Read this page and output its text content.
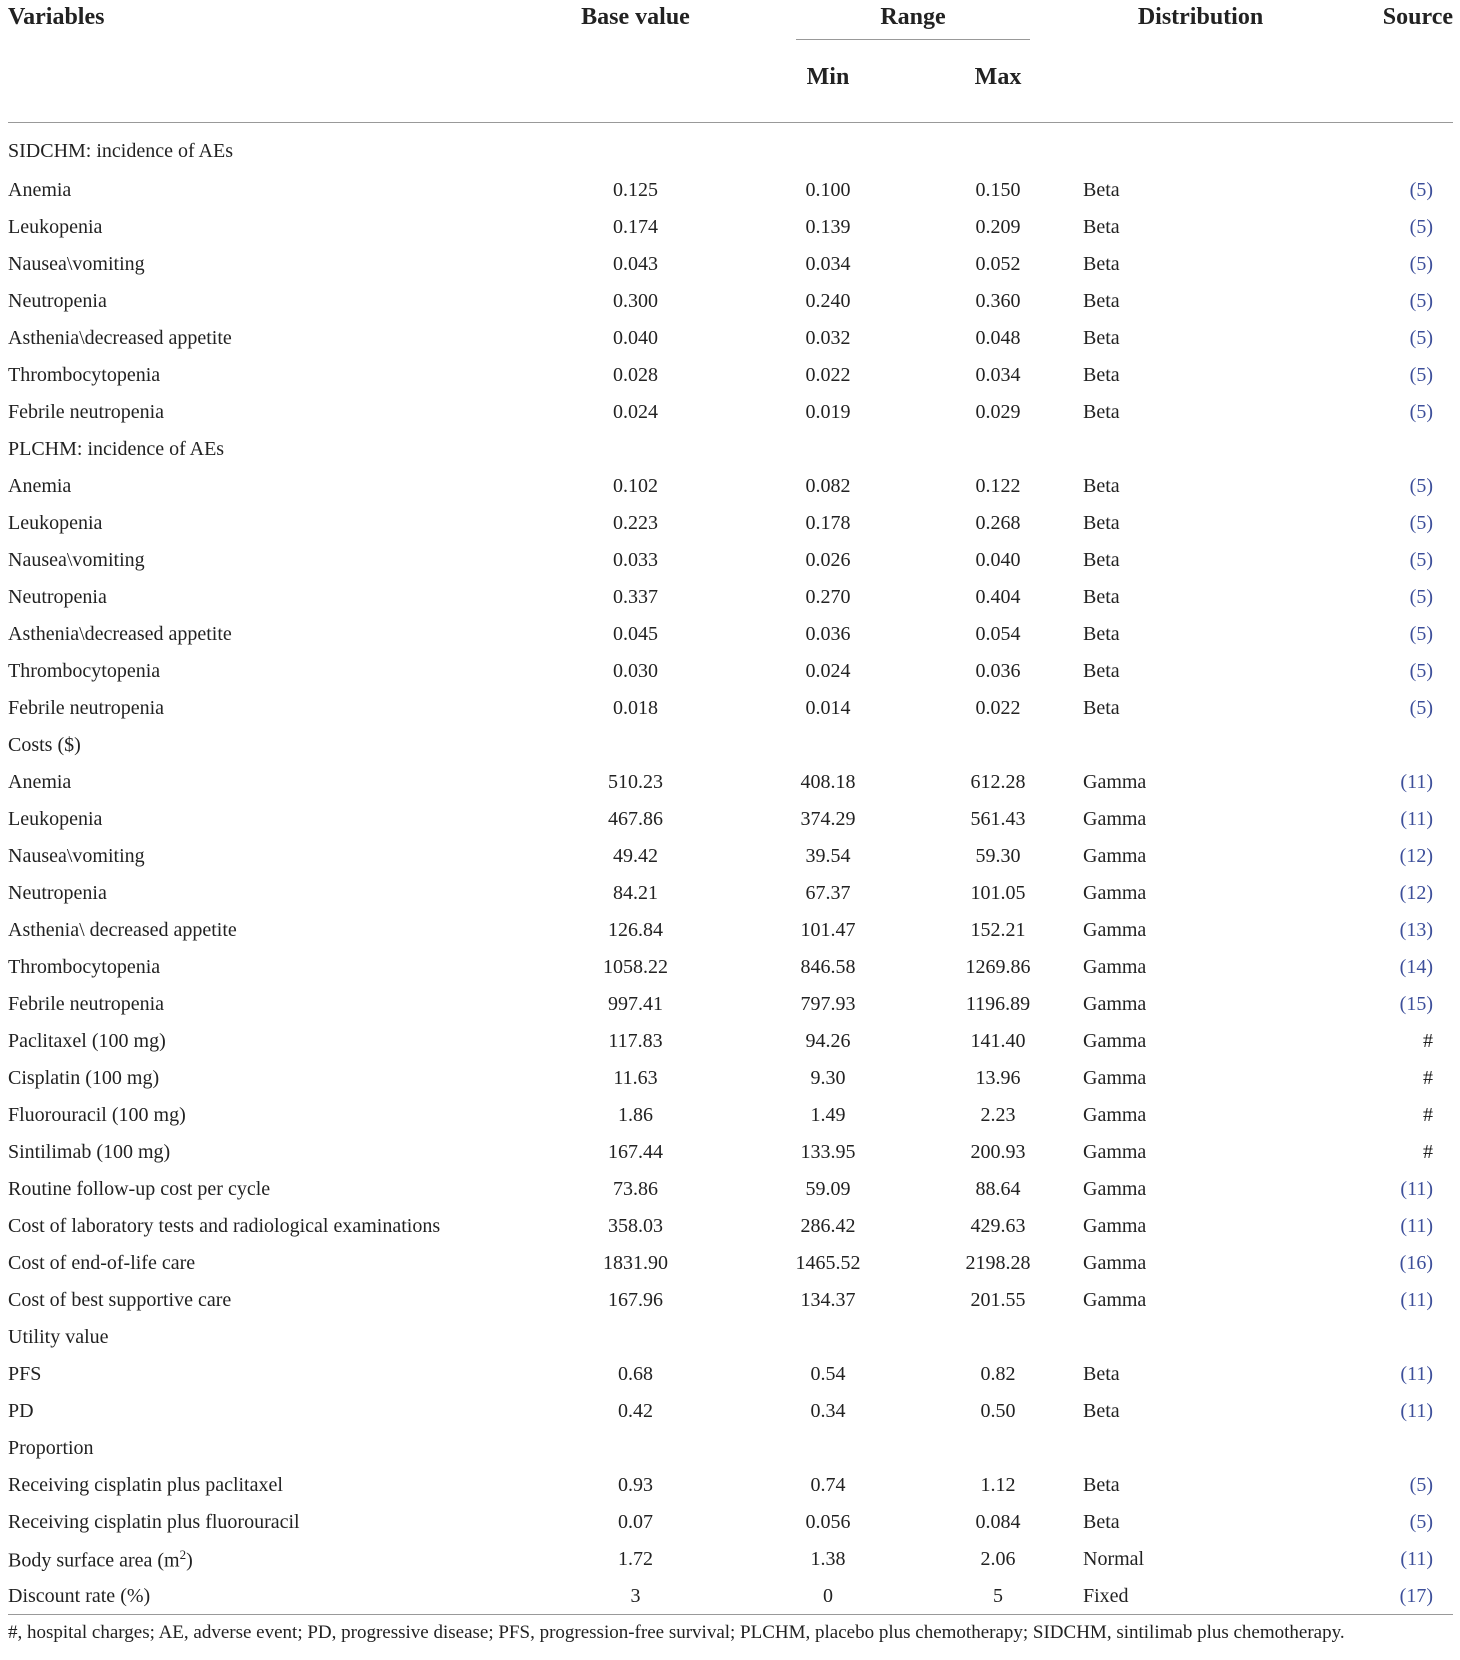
Variables	Base value	Range		Distribution	Source
		Min	Max		
SIDCHM: incidence of AEs					
Anemia	0.125	0.100	0.150	Beta	(5)
Leukopenia	0.174	0.139	0.209	Beta	(5)
Nausea\vomiting	0.043	0.034	0.052	Beta	(5)
Neutropenia	0.300	0.240	0.360	Beta	(5)
Asthenia\decreased appetite	0.040	0.032	0.048	Beta	(5)
Thrombocytopenia	0.028	0.022	0.034	Beta	(5)
Febrile neutropenia	0.024	0.019	0.029	Beta	(5)
PLCHM: incidence of AEs					
Anemia	0.102	0.082	0.122	Beta	(5)
Leukopenia	0.223	0.178	0.268	Beta	(5)
Nausea\vomiting	0.033	0.026	0.040	Beta	(5)
Neutropenia	0.337	0.270	0.404	Beta	(5)
Asthenia\decreased appetite	0.045	0.036	0.054	Beta	(5)
Thrombocytopenia	0.030	0.024	0.036	Beta	(5)
Febrile neutropenia	0.018	0.014	0.022	Beta	(5)
Costs ($)					
Anemia	510.23	408.18	612.28	Gamma	(11)
Leukopenia	467.86	374.29	561.43	Gamma	(11)
Nausea\vomiting	49.42	39.54	59.30	Gamma	(12)
Neutropenia	84.21	67.37	101.05	Gamma	(12)
Asthenia\ decreased appetite	126.84	101.47	152.21	Gamma	(13)
Thrombocytopenia	1058.22	846.58	1269.86	Gamma	(14)
Febrile neutropenia	997.41	797.93	1196.89	Gamma	(15)
Paclitaxel (100 mg)	117.83	94.26	141.40	Gamma	#
Cisplatin (100 mg)	11.63	9.30	13.96	Gamma	#
Fluorouracil (100 mg)	1.86	1.49	2.23	Gamma	#
Sintilimab (100 mg)	167.44	133.95	200.93	Gamma	#
Routine follow-up cost per cycle	73.86	59.09	88.64	Gamma	(11)
Cost of laboratory tests and radiological examinations	358.03	286.42	429.63	Gamma	(11)
Cost of end-of-life care	1831.90	1465.52	2198.28	Gamma	(16)
Cost of best supportive care	167.96	134.37	201.55	Gamma	(11)
Utility value					
PFS	0.68	0.54	0.82	Beta	(11)
PD	0.42	0.34	0.50	Beta	(11)
Proportion					
Receiving cisplatin plus paclitaxel	0.93	0.74	1.12	Beta	(5)
Receiving cisplatin plus fluorouracil	0.07	0.056	0.084	Beta	(5)
Body surface area $(m^2)$	1.72	1.38	2.06	Normal	(11)
Discount rate (%)	3	0	5	Fixed	(17)
#, hospital charges; AE, adverse event; PD, progressive disease; PFS, progression-free survival; PLCHM, placebo plus chemotherapy; SIDCHM, sintilimab plus chemotherapy.
